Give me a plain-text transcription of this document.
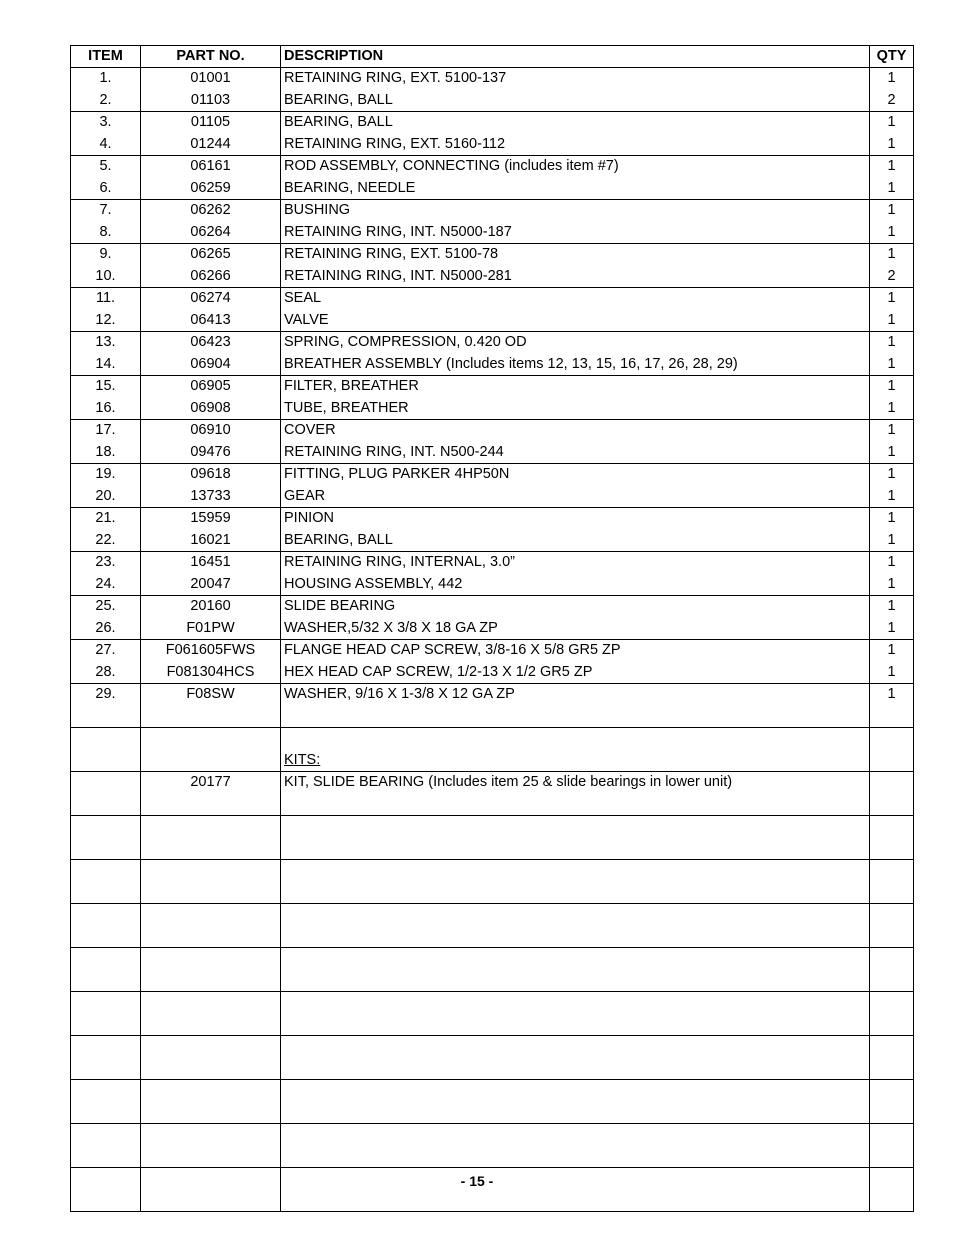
ITEM	PART NO.	DESCRIPTION	QTY
1.	01001	RETAINING RING, EXT. 5100-137	1
2.	01103	BEARING, BALL	2
3.	01105	BEARING, BALL	1
4.	01244	RETAINING RING, EXT. 5160-112	1
5.	06161	ROD ASSEMBLY, CONNECTING (includes item #7)	1
6.	06259	BEARING, NEEDLE	1
7.	06262	BUSHING	1
8.	06264	RETAINING RING, INT. N5000-187	1
9.	06265	RETAINING RING, EXT. 5100-78	1
10.	06266	RETAINING RING, INT. N5000-281	2
11.	06274	SEAL	1
12.	06413	VALVE	1
13.	06423	SPRING, COMPRESSION, 0.420 OD	1
14.	06904	BREATHER ASSEMBLY (Includes items 12, 13, 15, 16, 17, 26, 28, 29)	1
15.	06905	FILTER, BREATHER	1
16.	06908	TUBE, BREATHER	1
17.	06910	COVER	1
18.	09476	RETAINING RING, INT. N500-244	1
19.	09618	FITTING, PLUG PARKER 4HP50N	1
20.	13733	GEAR	1
21.	15959	PINION	1
22.	16021	BEARING, BALL	1
23.	16451	RETAINING RING, INTERNAL, 3.0”	1
24.	20047	HOUSING ASSEMBLY, 442	1
25.	20160	SLIDE BEARING	1
26.	F01PW	WASHER,5/32 X 3/8 X 18 GA ZP	1
27.	F061605FWS	FLANGE HEAD CAP SCREW, 3/8-16 X 5/8 GR5 ZP	1
28.	F081304HCS	HEX HEAD CAP SCREW, 1/2-13 X 1/2 GR5 ZP	1
29.	F08SW	WASHER, 9/16 X 1-3/8 X 12 GA ZP	1

		KITS:	
	20177	KIT, SLIDE BEARING (Includes item 25 & slide bearings in lower unit)	

- 15 -
